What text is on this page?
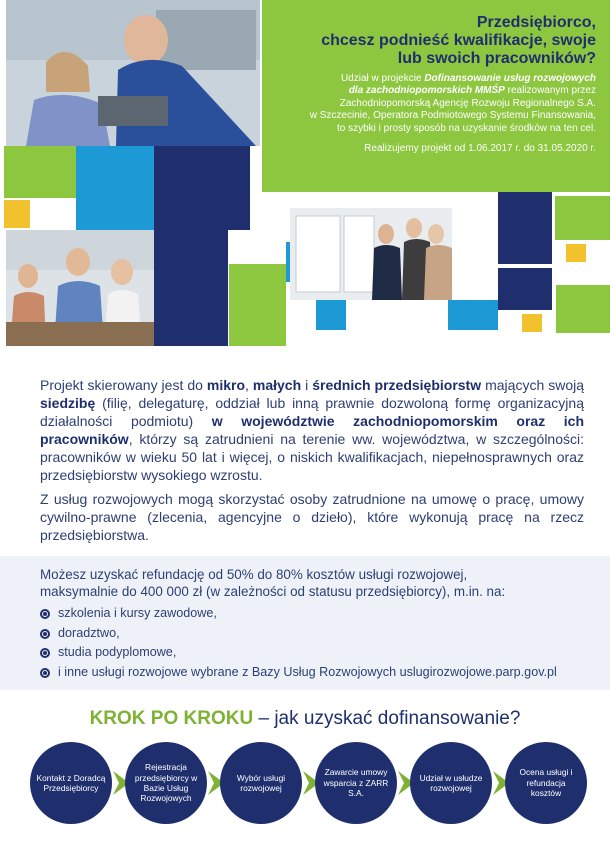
Przedsiębiorco,
chcesz podnieść kwalifikacje, swoje
lub swoich pracowników?
Udział w projekcie Dofinansowanie usług rozwojowych
dla zachodniopomorskich MMŚP realizowanym przez
Zachodniopomorską Agencję Rozwoju Regionalnego S.A.
w Szczecinie, Operatora Podmiotowego Systemu Finansowania,
to szybki i prosty sposób na uzyskanie środków na ten cel.
Realizujemy projekt od 1.06.2017 r. do 31.05.2020 r.
Projekt skierowany jest do mikro, małych i średnich przedsiębiorstw mających swoją siedzibę (filię, delegaturę, oddział lub inną prawnie dozwoloną formę organizacyjną działalności podmiotu) w województwie zachodniopomorskim oraz ich pracowników, którzy są zatrudnieni na terenie ww. województwa, w szczególności: pracowników w wieku 50 lat i więcej, o niskich kwalifikacjach, niepełnosprawnych oraz przedsiębiorstw wysokiego wzrostu.
Z usług rozwojowych mogą skorzystać osoby zatrudnione na umowę o pracę, umowy cywilno-prawne (zlecenia, agencyjne o dzieło), które wykonują pracę na rzecz przedsiębiorstwa.
Możesz uzyskać refundację od 50% do 80% kosztów usługi rozwojowej,
maksymalnie do 400 000 zł (w zależności od statusu przedsiębiorcy), m.in. na:
szkolenia i kursy zawodowe,
doradztwo,
studia podyplomowe,
i inne usługi rozwojowe wybrane z Bazy Usług Rozwojowych uslugirozwojowe.parp.gov.pl
KROK PO KROKU – jak uzyskać dofinansowanie?
Kontakt z Doradcą Przedsiębiorcy
Rejestracja przedsiębiorcy w Bazie Usług Rozwojowych
Wybór usługi rozwojowej
Zawarcie umowy wsparcia z ZARR S.A.
Udział w usłudze rozwojowej
Ocena usługi i refundacja kosztów
